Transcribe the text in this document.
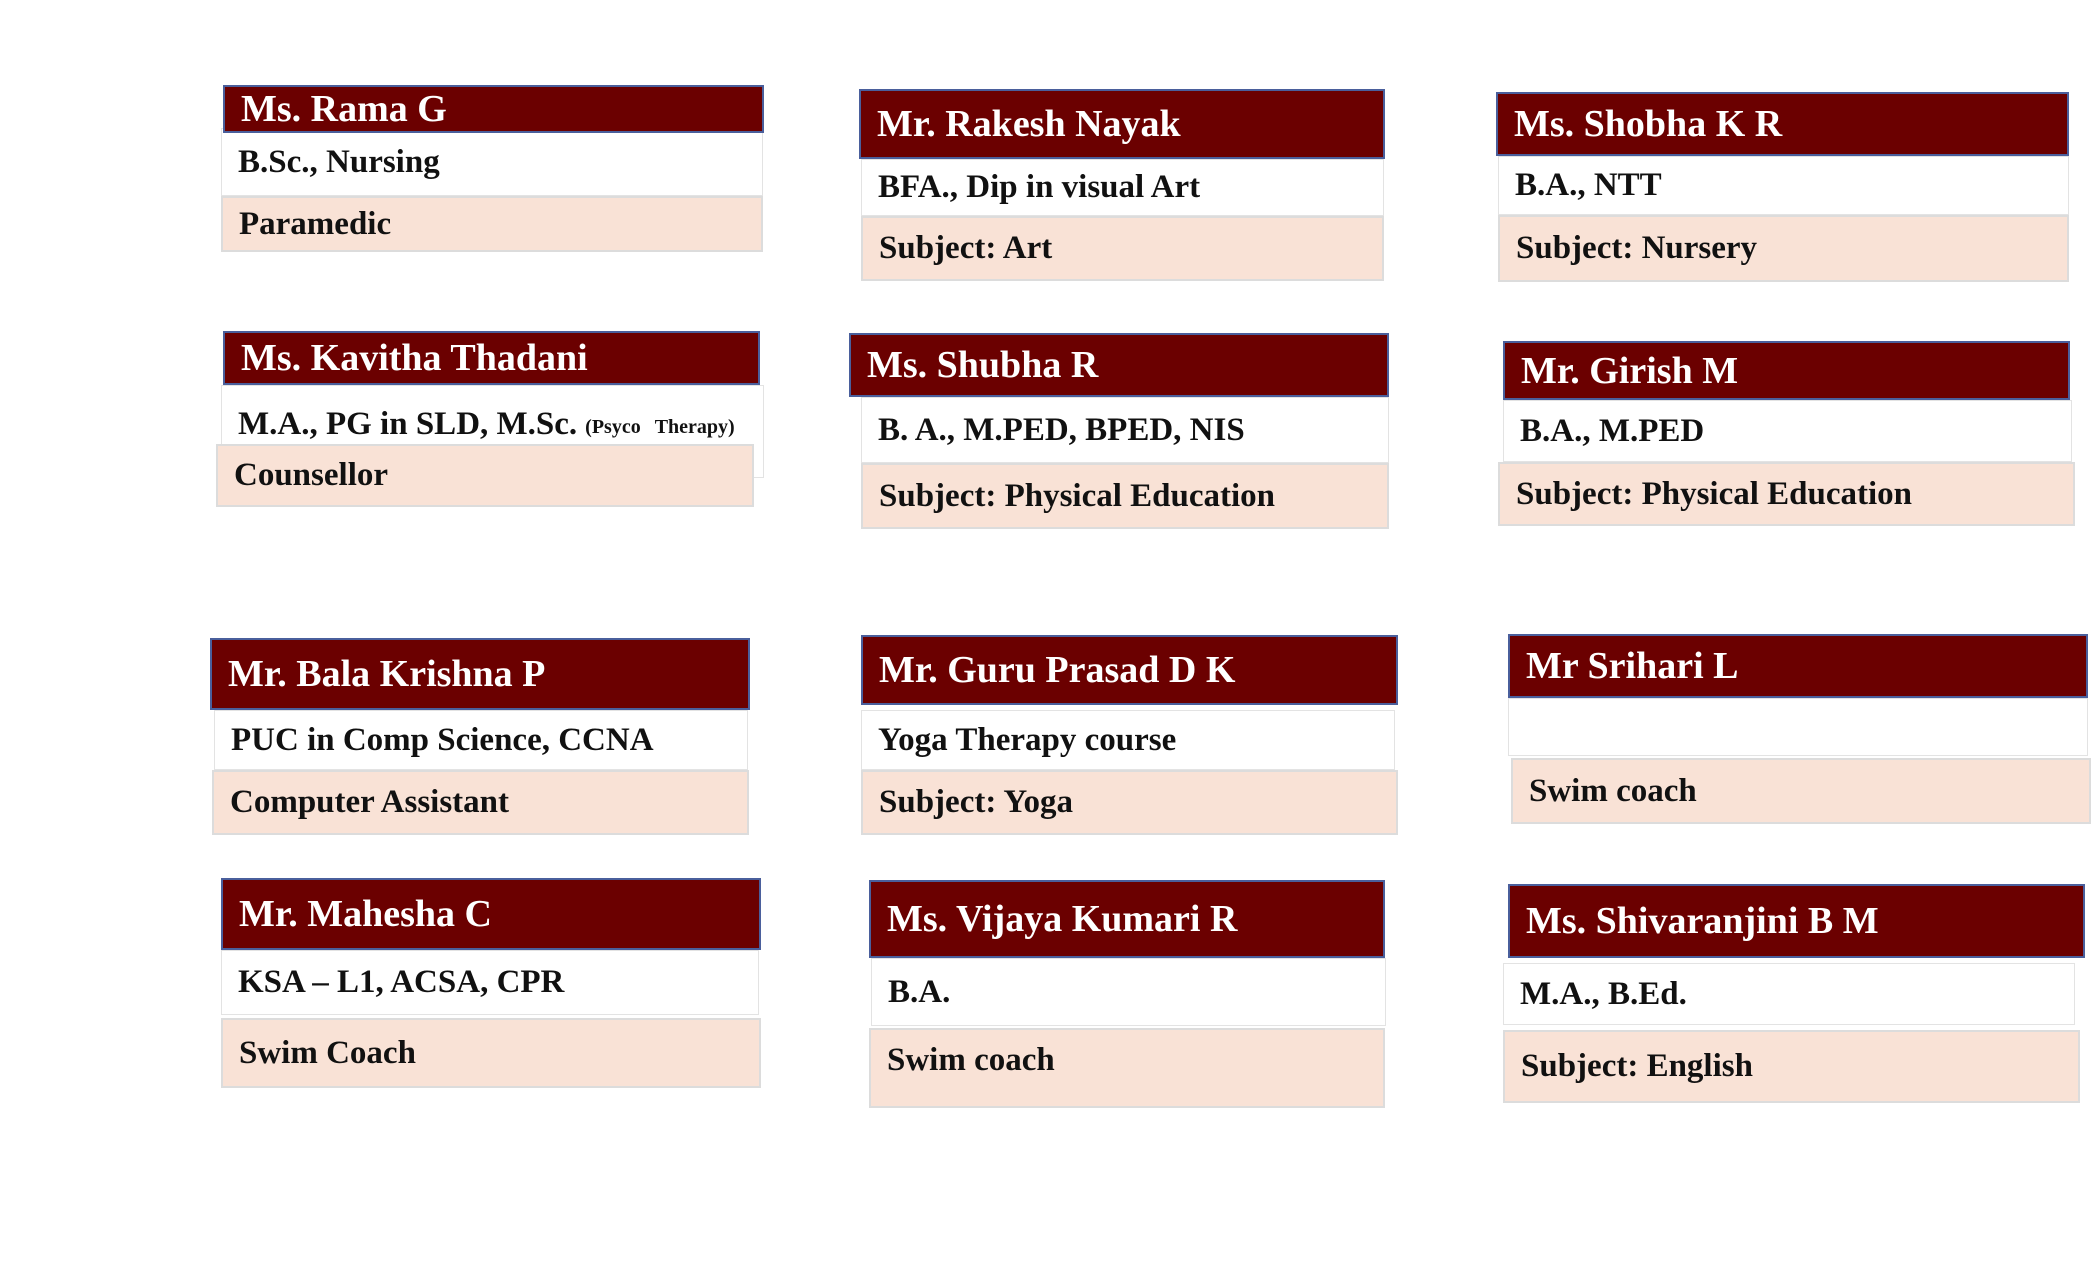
B.Sc., Nursing
Ms. Rama G
Paramedic
Mr. Rakesh Nayak
BFA., Dip in visual Art
Subject: Art
Ms. Shobha K R
B.A., NTT
Subject: Nursery
Ms. Kavitha Thadani
M.A., PG in SLD, M.Sc. (Psyco Therapy)
Counsellor
Ms. Shubha R
B. A., M.PED, BPED, NIS
Subject: Physical Education
Mr. Girish M
B.A., M.PED
Subject: Physical Education
Mr. Bala Krishna P
PUC in Comp Science, CCNA
Computer Assistant
Mr. Guru Prasad D K
Yoga Therapy course
Subject: Yoga
Mr Srihari L
Swim coach
Mr. Mahesha C
KSA – L1, ACSA, CPR
Swim Coach
Ms. Vijaya Kumari R
B.A.
Swim coach
Ms. Shivaranjini B M
M.A., B.Ed.
Subject: English
